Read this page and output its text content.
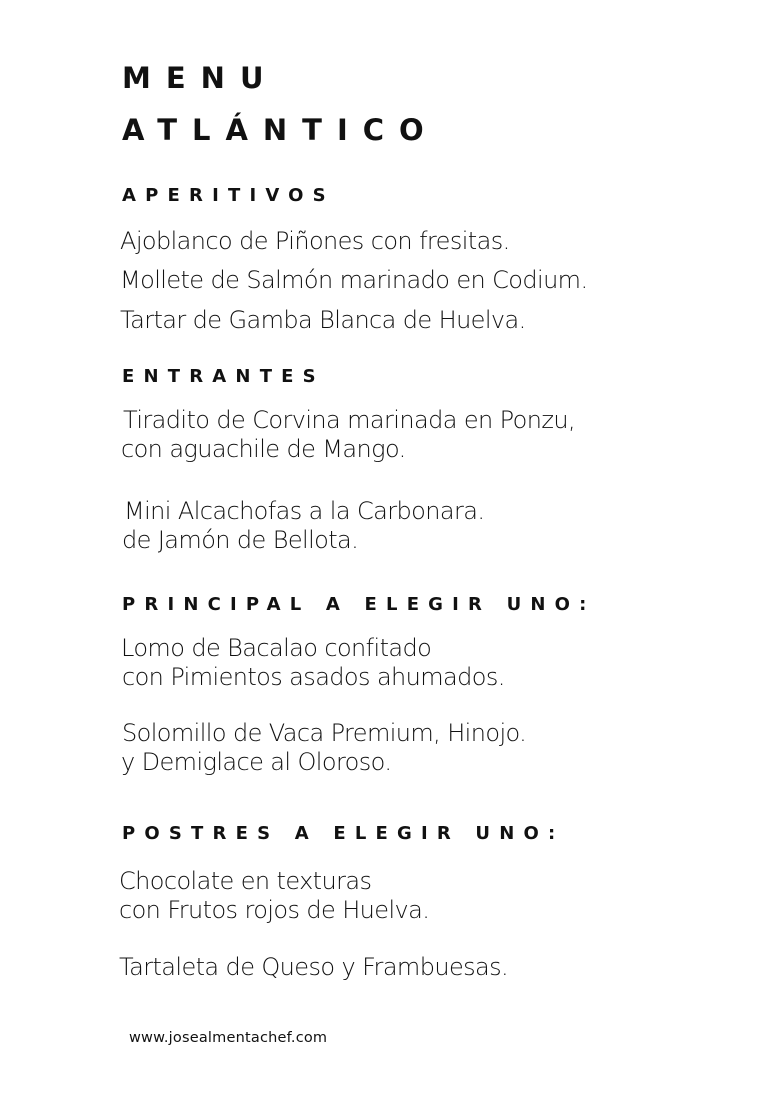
MENU
ATLÁNTICO
APERITIVOS
Ajoblanco de Piñones con fresitas.
Mollete de Salmón marinado en Codium.
Tartar de Gamba Blanca de Huelva.
ENTRANTES
Tiradito de Corvina marinada en Ponzu,
con aguachile de Mango.
Mini Alcachofas a la Carbonara.
de Jamón de Bellota.
PRINCIPAL A ELEGIR UNO:
Lomo de Bacalao confitado
con Pimientos asados ahumados.
Solomillo de Vaca Premium, Hinojo.
y Demiglace al Oloroso.
POSTRES A ELEGIR UNO:
Chocolate en texturas
con Frutos rojos de Huelva.
Tartaleta de Queso y Frambuesas.
www.josealmentachef.com
